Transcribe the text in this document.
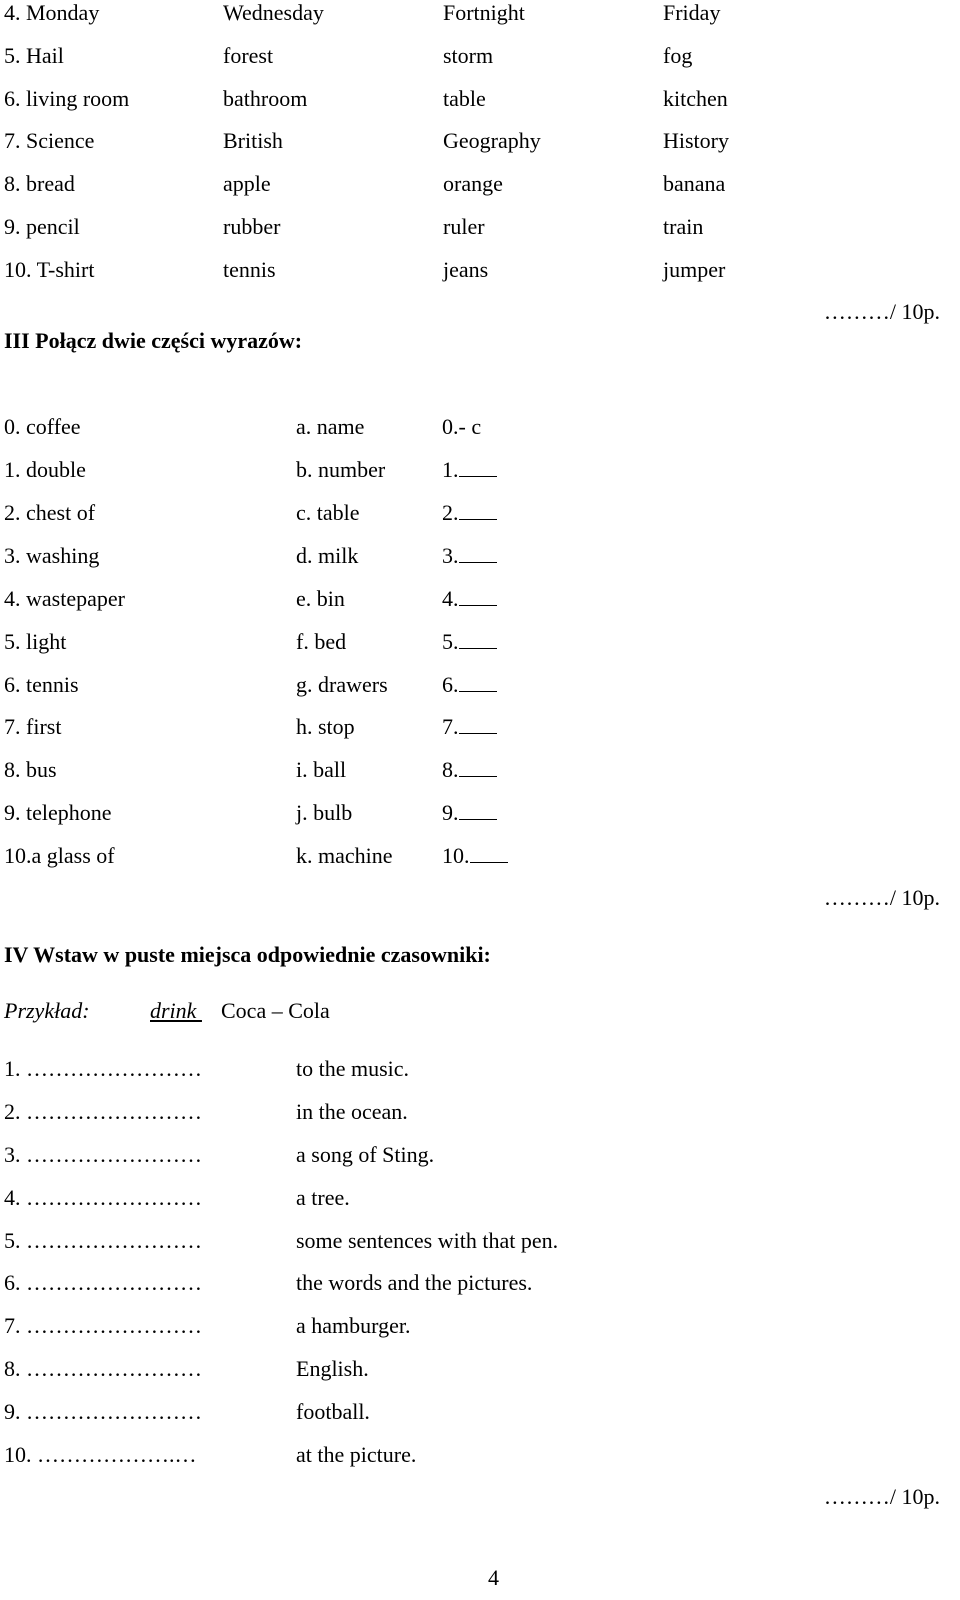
4. Monday	Wednesday	Fortnight	Friday
5. Hail	forest	storm	fog
6. living room	bathroom	table	kitchen
7. Science	British	Geography	History
8. bread	apple	orange	banana
9. pencil	rubber	ruler	train
10. T-shirt	tennis	jeans	jumper
………/ 10p.
III Połącz dwie części wyrazów:
0. coffee	a. name	0.- c
1. double	b. number	1.
2. chest of	c. table	2.
3. washing	d. milk	3.
4. wastepaper	e. bin	4.
5. light	f. bed	5.
6. tennis	g. drawers 6.
7. first	h. stop	7.
8. bus	i. ball	8.
9. telephone	j. bulb	9.
10.a glass of	k. machine 10.
………/ 10p.
IV Wstaw w puste miejsca odpowiednie czasowniki:
Przykład:	drink Coca – Cola
1. ……………………	to the music.
2. ……………………	in the ocean.
3. ……………………	a song of Sting.
4. ……………………	a tree.
5. ……………………	some sentences with that pen.
6. ……………………	the words and the pictures.
7. ……………………	a hamburger.
8. ……………………	English.
9. ……………………	football.
10. ……………….…	at the picture.
………/ 10p.
4
